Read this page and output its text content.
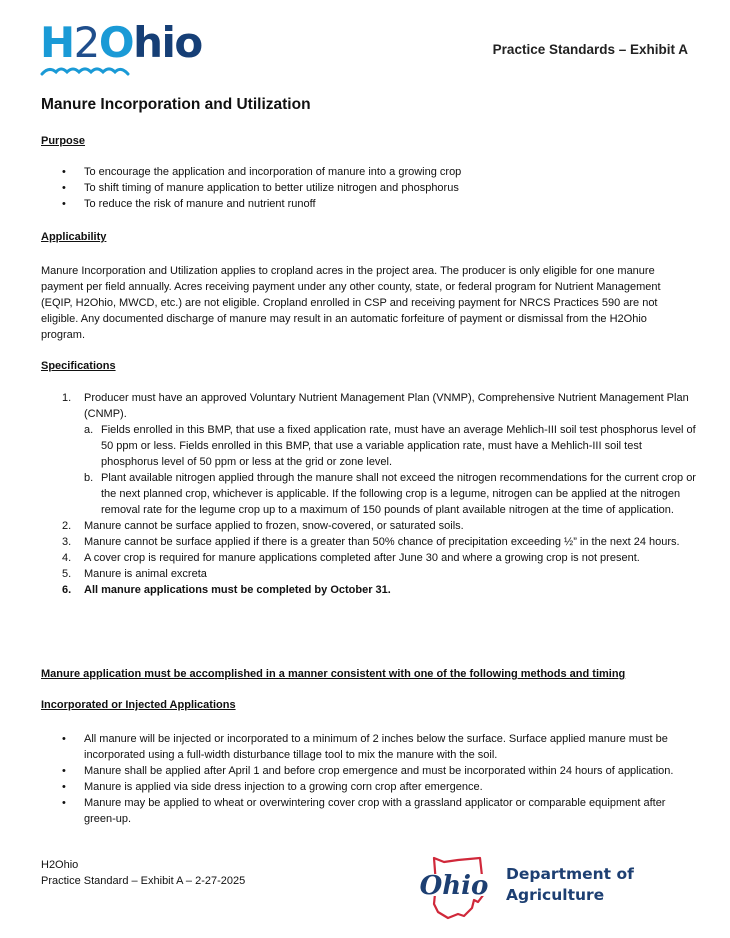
H2Ohio	Practice Standards – Exhibit A
Manure Incorporation and Utilization
Purpose
• To encourage the application and incorporation of manure into a growing crop
• To shift timing of manure application to better utilize nitrogen and phosphorus
• To reduce the risk of manure and nutrient runoff
Applicability
Manure Incorporation and Utilization applies to cropland acres in the project area. The producer is only eligible for one manure payment per field annually. Acres receiving payment under any other county, state, or federal program for Nutrient Management (EQIP, H2Ohio, MWCD, etc.) are not eligible. Cropland enrolled in CSP and receiving payment for NRCS Practices 590 are not eligible. Any documented discharge of manure may result in an automatic forfeiture of payment or dismissal from the H2Ohio program.
Specifications
1. Producer must have an approved Voluntary Nutrient Management Plan (VNMP), Comprehensive Nutrient Management Plan (CNMP).
a. Fields enrolled in this BMP, that use a fixed application rate, must have an average Mehlich-III soil test phosphorus level of 50 ppm or less. Fields enrolled in this BMP, that use a variable application rate, must have a Mehlich-III soil test phosphorus level of 50 ppm or less at the grid or zone level.
b. Plant available nitrogen applied through the manure shall not exceed the nitrogen recommendations for the current crop or the next planned crop, whichever is applicable. If the following crop is a legume, nitrogen can be applied at the nitrogen removal rate for the legume crop up to a maximum of 150 pounds of plant available nitrogen at the time of application.
2. Manure cannot be surface applied to frozen, snow-covered, or saturated soils.
3. Manure cannot be surface applied if there is a greater than 50% chance of precipitation exceeding ½” in the next 24 hours.
4. A cover crop is required for manure applications completed after June 30 and where a growing crop is not present.
5. Manure is animal excreta
6. All manure applications must be completed by October 31.
Manure application must be accomplished in a manner consistent with one of the following methods and timing
Incorporated or Injected Applications
• All manure will be injected or incorporated to a minimum of 2 inches below the surface. Surface applied manure must be incorporated using a full-width disturbance tillage tool to mix the manure with the soil.
• Manure shall be applied after April 1 and before crop emergence and must be incorporated within 24 hours of application.
• Manure is applied via side dress injection to a growing corn crop after emergence.
• Manure may be applied to wheat or overwintering cover crop with a grassland applicator or comparable equipment after green-up.
H2Ohio
Practice Standard – Exhibit A – 2-27-2025	Ohio Department of
Agriculture
